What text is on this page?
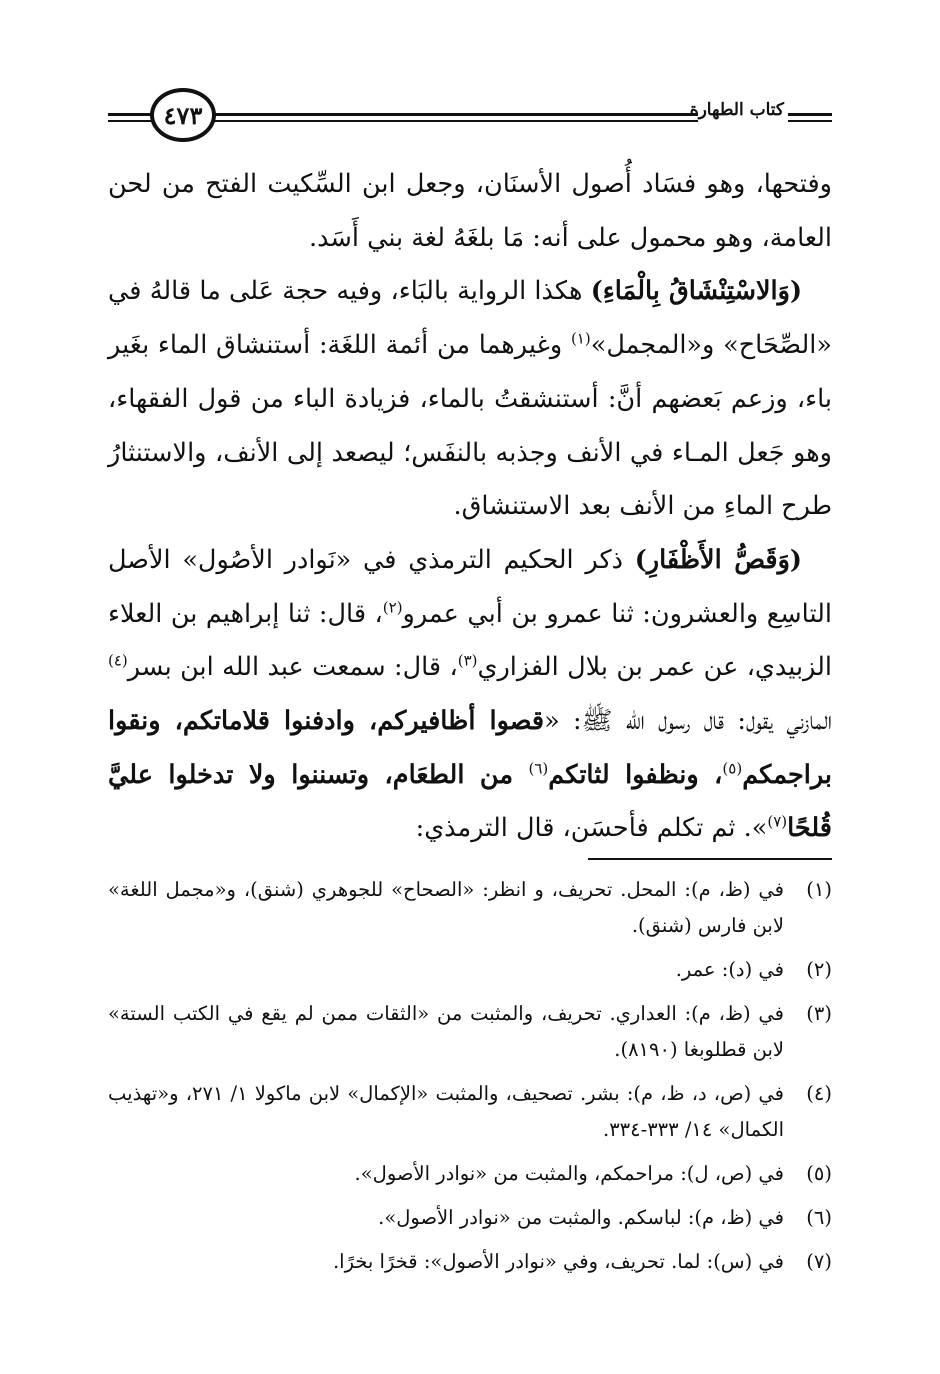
٤٧٣	كتاب الطهارة

وفتحها، وهو فسَاد أُصول الأسنَان، وجعل ابن السِّكيت الفتح من لحن العامة، وهو محمول على أنه: مَا بلغَهُ لغة بني أَسَد.

(وَالاسْتِنْشَاقُ بِالْمَاءِ) هكذا الرواية بالبَاء، وفيه حجة عَلى ما قالهُ في «الصِّحَاح» و«المجمل»$^{(١)}$ وغيرهما من أئمة اللغَة: أستنشاق الماء بغَير باء، وزعم بَعضهم أنَّ: أستنشقتُ بالماء، فزيادة الباء من قول الفقهاء، وهو جَعل المـاء في الأنف وجذبه بالنفَس؛ ليصعد إلى الأنف، والاستنثارُ طرح الماءِ من الأنف بعد الاستنشاق.

(وَقَصُّ الأَظْفَارِ) ذكر الحكيم الترمذي في «نَوادر الأصُول» الأصل التاسِع والعشرون: ثنا عمرو بن أبي عمرو$^{(٢)}$، قال: ثنا إبراهيم بن العلاء الزبيدي، عن عمر بن بلال الفزاري$^{(٣)}$، قال: سمعت عبد الله ابن بسر$^{(٤)}$ المازني يقول: قال رسول الله ﷺ: «قصوا أظافيركم، وادفنوا قلاماتكم، ونقوا براجمكم$^{(٥)}$، ونظفوا لثاتكم$^{(٦)}$ من الطعَام، وتسننوا ولا تدخلوا عليَّ قُلحًا$^{(٧)}$». ثم تكلم فأحسَن، قال الترمذي:

(١)
في (ظ، م): المحل. تحريف، و انظر: «الصحاح» للجوهري (شنق)، و«مجمل اللغة» لابن فارس (شنق).
(٢)
في (د): عمر.
(٣)
في (ظ، م): العداري. تحريف، والمثبت من «الثقات ممن لم يقع في الكتب الستة» لابن قطلوبغا (٨١٩٠).
(٤)
في (ص، د، ظ، م): بشر. تصحيف، والمثبت «الإكمال» لابن ماكولا ١/ ٢٧١، و«تهذيب الكمال» ١٤/ ٣٣٣-٣٣٤.
(٥)
في (ص، ل): مراحمكم، والمثبت من «نوادر الأصول».
(٦)
في (ظ، م): لباسكم. والمثبت من «نوادر الأصول».
(٧)
في (س): لما. تحريف، وفي «نوادر الأصول»: قخرًا بخرًا.
